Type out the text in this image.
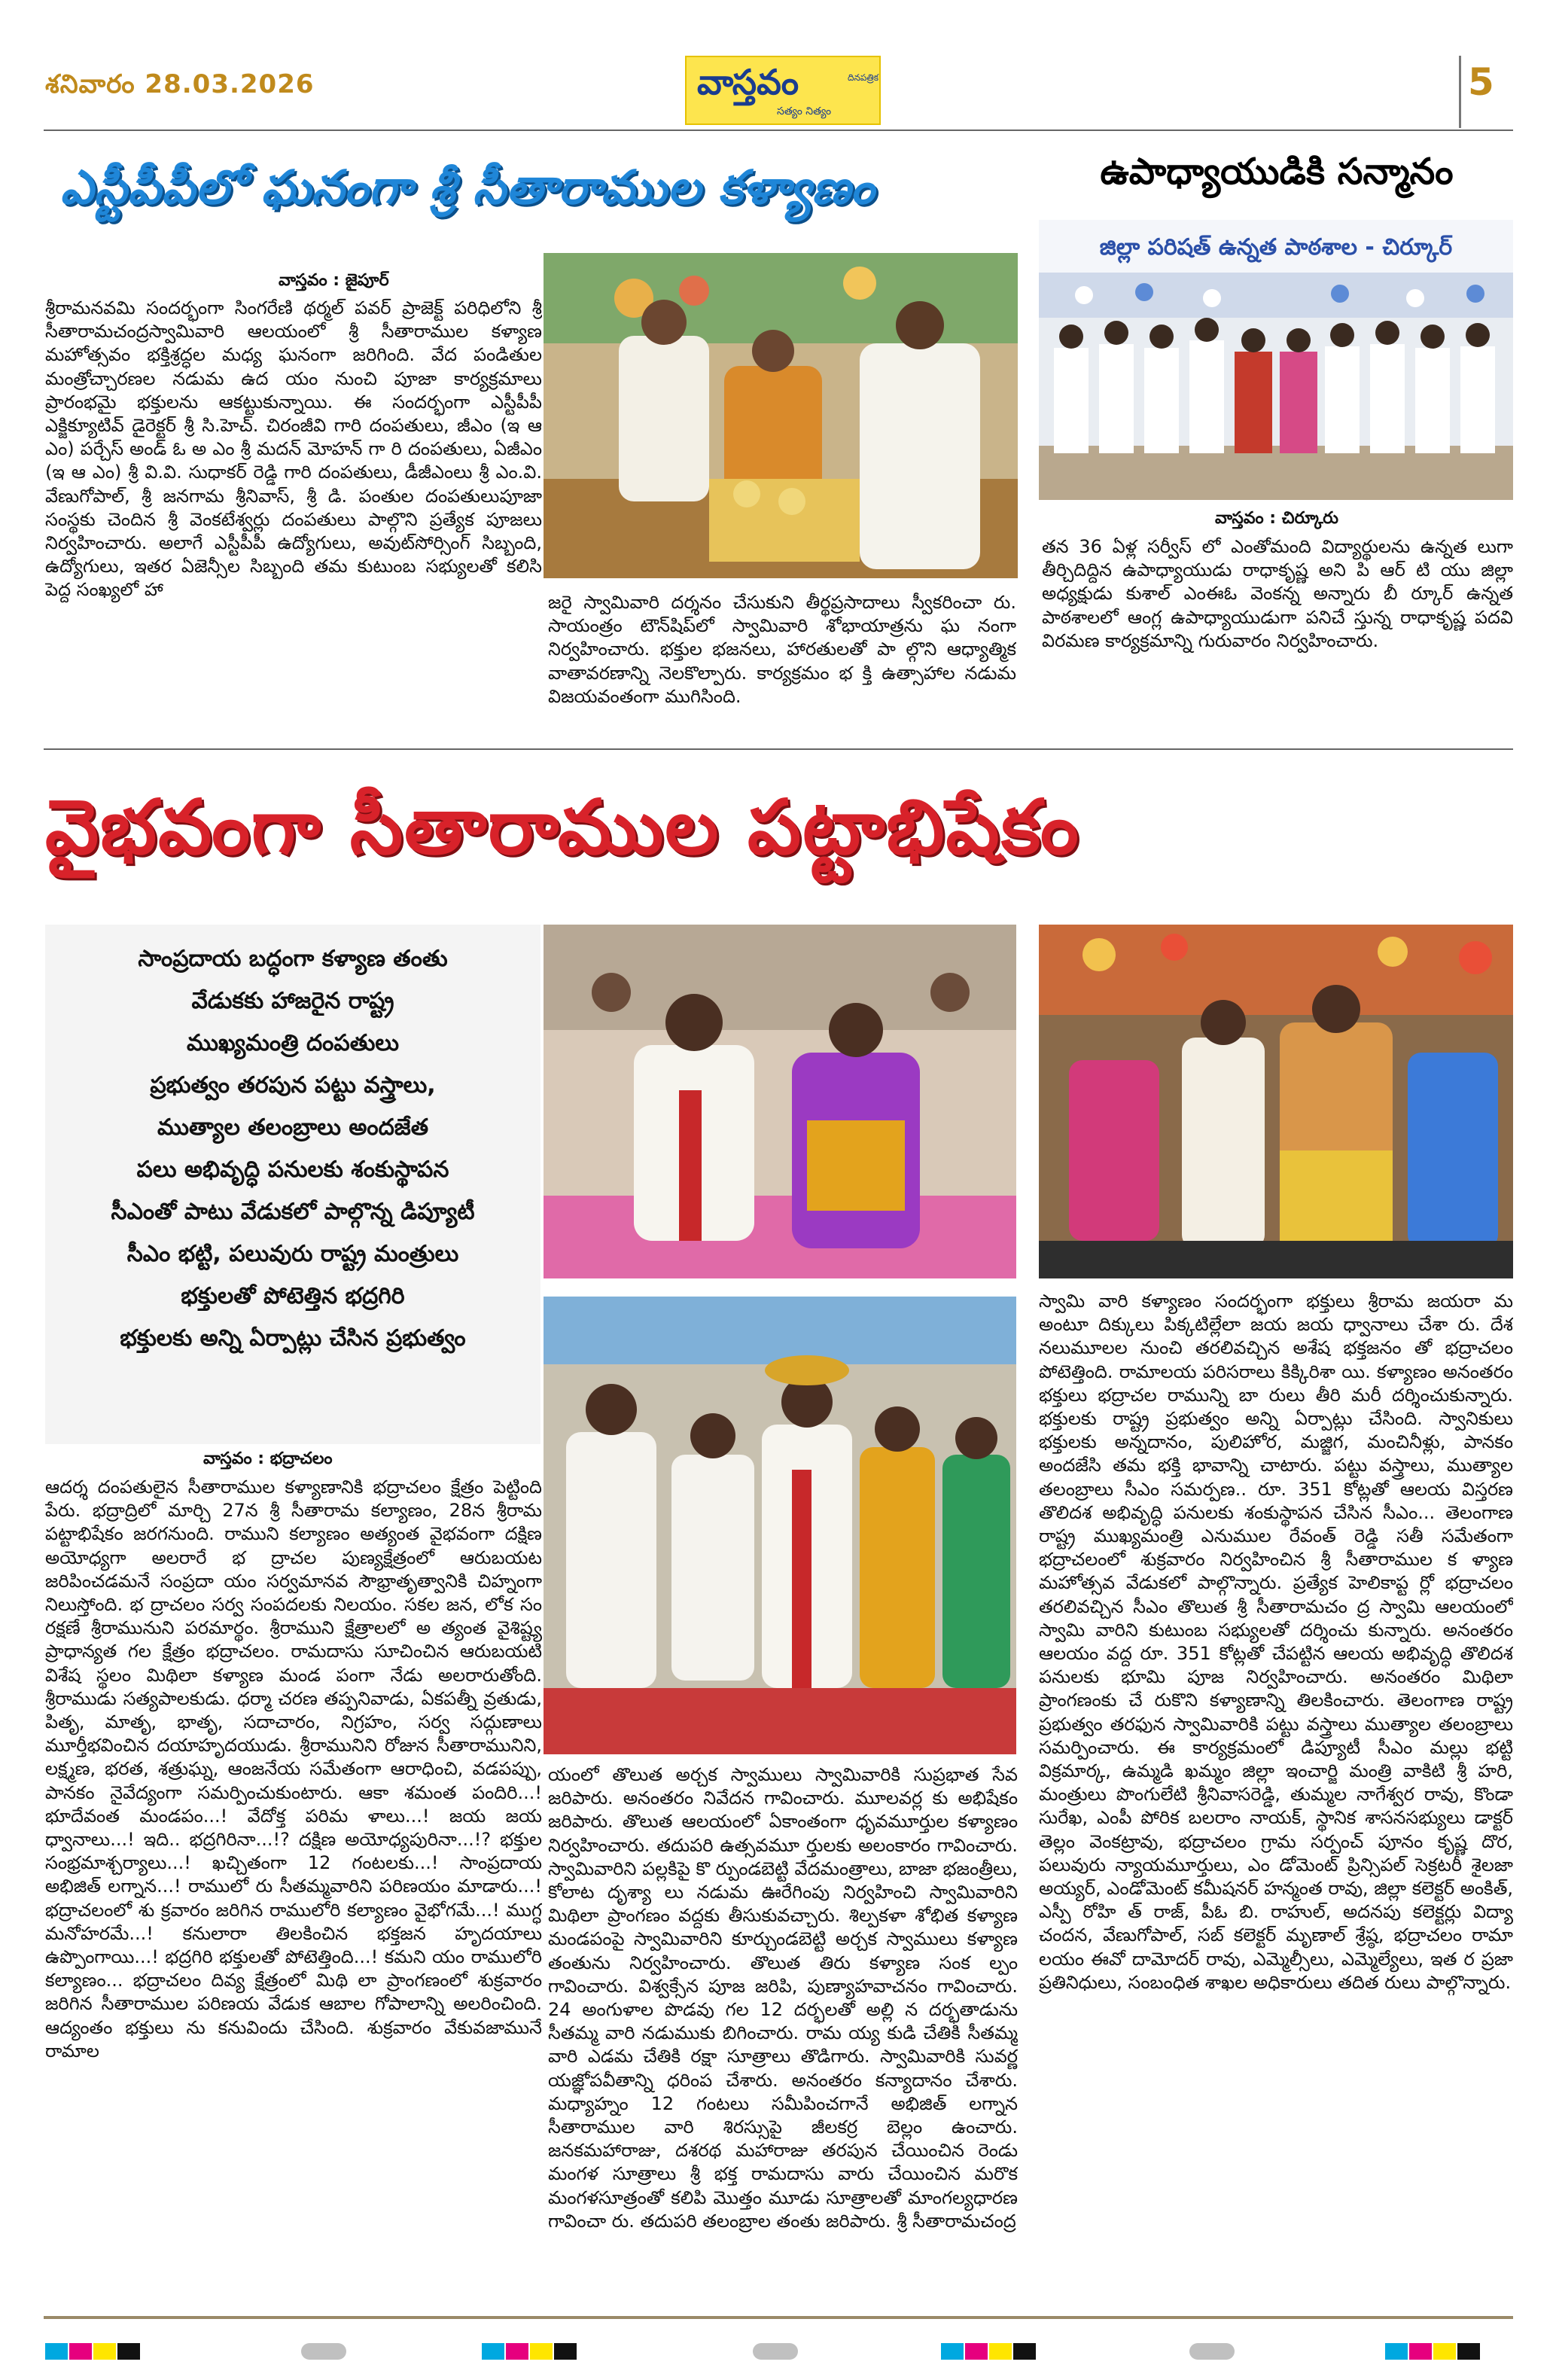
శనివారం 28.03.2026	వాస్తవం	దినపత్రిక
సత్యం నిత్యం
5
ఎస్టీపీపీలో ఘనంగా శ్రీ సీతారాముల కళ్యాణం
వాస్తవం : జైపూర్
శ్రీరామనవమి సందర్భంగా సింగరేణి థర్మల్ పవర్ ప్రాజెక్ట్ పరిధిలోని శ్రీ సీతారామచంద్రస్వామివారి ఆలయంలో శ్రీ సీతారాముల కళ్యాణ మహోత్సవం భక్తిశ్రద్ధల మధ్య ఘనంగా జరిగింది. వేద పండితుల మంత్రోచ్చారణల నడుమ ఉద యం నుంచి పూజా కార్యక్రమాలు ప్రారంభమై భక్తులను ఆకట్టుకున్నాయి. ఈ సందర్భంగా ఎస్టీపీపీ ఎక్జిక్యూటివ్ డైరెక్టర్ శ్రీ సి.హెచ్. చిరంజీవి గారి దంపతులు, జీఎం (ఇ ఆ ఎం) పర్చేస్ అండ్ ఓ అ ఎం శ్రీ మదన్ మోహన్ గా రి దంపతులు, ఏజీఎం (ఇ ఆ ఎం) శ్రీ వి.వి. సుధాకర్ రెడ్డి గారి దంపతులు, డీజీఎంలు శ్రీ ఎం.వి. వేణుగోపాల్, శ్రీ జనగామ శ్రీనివాస్, శ్రీ డి. పంతుల దంపతులుపూజా సంస్థకు చెందిన శ్రీ వెంకటేశ్వర్లు దంపతులు పాల్గొని ప్రత్యేక పూజలు నిర్వహించారు. అలాగే ఎస్టీపీపీ ఉద్యోగులు, అవుట్‌సోర్సింగ్ సిబ్బంది, ఉద్యోగులు, ఇతర ఏజెన్సీల సిబ్బంది తమ కుటుంబ సభ్యులతో కలిసి పెద్ద సంఖ్యలో హా
జరై స్వామివారి దర్శనం చేసుకుని తీర్థప్రసాదాలు స్వీకరించా రు. సాయంత్రం టౌన్‌షిప్‌లో స్వామివారి శోభాయాత్రను ఘ నంగా నిర్వహించారు. భక్తుల భజనలు, హారతులతో పా ల్గొని ఆధ్యాత్మిక వాతావరణాన్ని నెలకొల్పారు. కార్యక్రమం భ క్తి ఉత్సాహాల నడుమ విజయవంతంగా ముగిసింది.
ఉపాధ్యాయుడికి సన్మానం
జిల్లా పరిషత్ ఉన్నత పాఠశాల - చిర్కూర్
వాస్తవం : చిర్కూరు
తన 36 ఏళ్ల సర్వీస్ లో ఎంతోమంది విద్యార్థులను ఉన్నత లుగా తీర్చిదిద్దిన ఉపాధ్యాయుడు రాధాకృష్ణ అని పి ఆర్ టి యు జిల్లా అధ్యక్షుడు కుశాల్ ఎంఈఓ వెంకన్న అన్నారు బీ ర్కూర్ ఉన్నత పాఠశాలలో ఆంగ్ల ఉపాధ్యాయుడుగా పనిచే స్తున్న రాధాకృష్ణ పదవి విరమణ కార్యక్రమాన్ని గురువారం నిర్వహించారు.
వైభవంగా సీతారాముల పట్టాభిషేకం
సాంప్రదాయ బద్ధంగా కళ్యాణ తంతు
వేడుకకు హాజరైన రాష్ట్ర
ముఖ్యమంత్రి దంపతులు
ప్రభుత్వం తరపున పట్టు వస్త్రాలు,
ముత్యాల తలంబ్రాలు అందజేత
పలు అభివృద్ధి పనులకు శంకుస్థాపన
సీఎంతో పాటు వేడుకలో పాల్గొన్న డిప్యూటీ
సీఎం భట్టి, పలువురు రాష్ట్ర మంత్రులు
భక్తులతో పోటెత్తిన భద్రగిరి
భక్తులకు అన్ని ఏర్పాట్లు చేసిన ప్రభుత్వం
వాస్తవం : భద్రాచలం
ఆదర్శ దంపతులైన సీతారాముల కళ్యాణానికి భద్రాచలం క్షేత్రం పెట్టింది పేరు. భద్రాద్రిలో మార్చి 27న శ్రీ సీతారామ కల్యాణం, 28న శ్రీరామ పట్టాభిషేకం జరగనుంది. రాముని కల్యాణం అత్యంత వైభవంగా దక్షిణ అయోధ్యగా అలరారే భ ద్రాచల పుణ్యక్షేత్రంలో ఆరుబయట జరిపించడమనే సంప్రదా యం సర్వమానవ సౌభ్రాతృత్వానికి చిహ్నంగా నిలుస్తోంది. భ ద్రాచలం సర్వ సంపదలకు నిలయం. సకల జన, లోక సం రక్షణే శ్రీరామునుని పరమార్థం. శ్రీరాముని క్షేత్రాలలో అ త్యంత వైశిష్ట్య ప్రాధాన్యత గల క్షేత్రం భద్రాచలం. రామదాసు సూచించిన ఆరుబయటి విశేష స్థలం మిథిలా కళ్యాణ మండ పంగా నేడు అలరారుతోంది. శ్రీరాముడు సత్యపాలకుడు. ధర్మా చరణ తప్పనివాడు, ఏకపత్నీ వ్రతుడు, పితృ, మాతృ, భాతృ, సదాచారం, నిగ్రహం, సర్వ సద్గుణాలు మూర్తీభవించిన దయాహృదయుడు. శ్రీరామునిని రోజున సీతారామునిని, లక్ష్మణ, భరత, శత్రుఘ్న, ఆంజనేయ సమేతంగా ఆరాధించి, వడపప్పు, పానకం నైవేద్యంగా సమర్పించుకుంటారు. ఆకా శమంత పందిరి...! భూదేవంత మండపం...! వేదోక్త పరిమ ళాలు...! జయ జయ ధ్వానాలు...! ఇది.. భద్రగిరినా...!? దక్షిణ అయోధ్యపురినా...!? భక్తుల సంభ్రమాశ్చర్యాలు...! ఖచ్చితంగా 12 గంటలకు...! సాంప్రదాయ అభిజిత్ లగ్నాన...! రాములో రు సీతమ్మవారిని పరిణయం మాడారు...! భద్రాచలంలో శు క్రవారం జరిగిన రాములోరి కల్యాణం వైభోగమే...! ముగ్ధ మనోహరమే...! కనులారా తిలకించిన భక్తజన హృదయాలు ఉప్పొంగాయి...! భద్రగిరి భక్తులతో పోటెత్తింది...! కమని యం రాములోరి కల్యాణం... భద్రాచలం దివ్య క్షేత్రంలో మిథి లా ప్రాంగణంలో శుక్రవారం జరిగిన సీతారాముల పరిణయ వేడుక ఆబాల గోపాలాన్ని అలరించింది. ఆద్యంతం భక్తులు ను కనువిందు చేసింది. శుక్రవారం వేకువజామునే రామాల
స్వామి వారి కళ్యాణం సందర్భంగా భక్తులు శ్రీరామ జయరా మ అంటూ దిక్కులు పిక్కటిల్లేలా జయ జయ ధ్వానాలు చేశా రు. దేశ నలుమూలల నుంచి తరలివచ్చిన అశేష భక్తజనం తో భద్రాచలం పోటెత్తింది. రామాలయ పరిసరాలు కిక్కిరిశా యి. కళ్యాణం అనంతరం భక్తులు భద్రాచల రామున్ని బా రులు తీరి మరీ దర్శించుకున్నారు. భక్తులకు రాష్ట్ర ప్రభుత్వం అన్ని ఏర్పాట్లు చేసింది. స్వానికులు భక్తులకు అన్నదానం, పులిహోర, మజ్జిగ, మంచినీళ్లు, పానకం అందజేసి తమ భక్తి భావాన్ని చాటారు. పట్టు వస్త్రాలు, ముత్యాల తలంబ్రాలు సీఎం సమర్పణ.. రూ. 351 కోట్లతో ఆలయ విస్తరణ తొలిదశ అభివృద్ధి పనులకు శంకుస్థాపన చేసిన సీఎం... తెలంగాణ రాష్ట్ర ముఖ్యమంత్రి ఎనుముల రేవంత్ రెడ్డి సతీ సమేతంగా భద్రాచలంలో శుక్రవారం నిర్వహించిన శ్రీ సీతారాముల క ళ్యాణ మహోత్సవ వేడుకలో పాల్గొన్నారు. ప్రత్యేక హెలికాప్ట ర్లో భద్రాచలం తరలివచ్చిన సీఎం తొలుత శ్రీ సీతారామచం ద్ర స్వామి ఆలయంలో స్వామి వారిని కుటుంబ సభ్యులతో దర్శించు కున్నారు. అనంతరం ఆలయం వద్ద రూ. 351 కోట్లతో చేపట్టిన ఆలయ అభివృద్ధి తొలిదశ పనులకు భూమి పూజ నిర్వహించారు. అనంతరం మిథిలా ప్రాంగణంకు చే రుకొని కళ్యాణాన్ని తిలకించారు. తెలంగాణ రాష్ట్ర ప్రభుత్వం తరఫున స్వామివారికి పట్టు వస్త్రాలు ముత్యాల తలంబ్రాలు సమర్పించారు. ఈ కార్యక్రమంలో డిప్యూటీ సీఎం మల్లు భట్టి విక్రమార్క, ఉమ్మడి ఖమ్మం జిల్లా ఇంచార్జి మంత్రి వాకిటి శ్రీ హరి, మంత్రులు పొంగులేటి శ్రీనివాసరెడ్డి, తుమ్మల నాగేశ్వర రావు, కొండా సురేఖ, ఎంపీ పోరిక బలరాం నాయక్, స్థానిక శాసనసభ్యులు డాక్టర్ తెల్లం వెంకట్రావు, భద్రాచలం గ్రామ సర్పంచ్ పూనం కృష్ణ దొర, పలువురు న్యాయమూర్తులు, ఎం డోమెంట్ ప్రిన్సిపల్ సెక్రటరీ శైలజా అయ్యర్, ఎండోమెంట్ కమీషనర్ హన్మంత రావు, జిల్లా కలెక్టర్ అంకిత్, ఎస్పీ రోహి త్ రాజ్, పీఓ బి. రాహుల్, అదనపు కలెక్టర్లు విద్యా చందన, వేణుగోపాల్, సబ్ కలెక్టర్ మృణాల్ శ్రేష్ఠ, భద్రాచలం రామా లయం ఈవో దామోదర్ రావు, ఎమ్మెల్సీలు, ఎమ్మెల్యేలు, ఇత ర ప్రజా ప్రతినిధులు, సంబంధిత శాఖల అధికారులు తదిత రులు పాల్గొన్నారు.
యంలో తొలుత అర్చక స్వాములు స్వామివారికి సుప్రభాత సేవ జరిపారు. అనంతరం నివేదన గావించారు. మూలవర్ల కు అభిషేకం జరిపారు. తొలుత ఆలయంలో ఏకాంతంగా ధృవమూర్తుల కళ్యాణం నిర్వహించారు. తదుపరి ఉత్సవమూ ర్తులకు అలంకారం గావించారు. స్వామివారిని పల్లకిపై కొ ర్పుండబెట్టి వేదమంత్రాలు, బాజా భజంత్రీలు, కోలాట దృశ్యా లు నడుమ ఊరేగింపు నిర్వహించి స్వామివారిని మిథిలా ప్రాంగణం వద్దకు తీసుకువచ్చారు. శిల్పకళా శోభిత కళ్యాణ మండపంపై స్వామివారిని కూర్చుండబెట్టి అర్చక స్వాములు కళ్యాణ తంతును నిర్వహించారు. తొలుత తిరు కళ్యాణ సంక ల్పం గావించారు. విశ్వక్సేన పూజ జరిపి, పుణ్యాహవాచనం గావించారు. 24 అంగుళాల పొడవు గల 12 దర్భలతో అల్లి న దర్భతాడును సీతమ్మ వారి నడుముకు బిగించారు. రామ య్య కుడి చేతికి సీతమ్మ వారి ఎడమ చేతికి రక్షా సూత్రాలు తొడిగారు. స్వామివారికి సువర్ణ యజ్ఞోపవీతాన్ని ధరింప చేశారు. అనంతరం కన్యాదానం చేశారు. మధ్యాహ్నం 12 గంటలు సమీపించగానే అభిజిత్ లగ్నాన సీతారాముల వారి శిరస్సుపై జీలకర్ర బెల్లం ఉంచారు. జనకమహారాజు, దశరథ మహారాజు తరపున చేయించిన రెండు మంగళ సూత్రాలు శ్రీ భక్త రామదాసు వారు చేయించిన మరొక మంగళసూత్రంతో కలిపి మొత్తం మూడు సూత్రాలతో మాంగల్యధారణ గావించా రు. తదుపరి తలంబ్రాల తంతు జరిపారు. శ్రీ సీతారామచంద్ర
